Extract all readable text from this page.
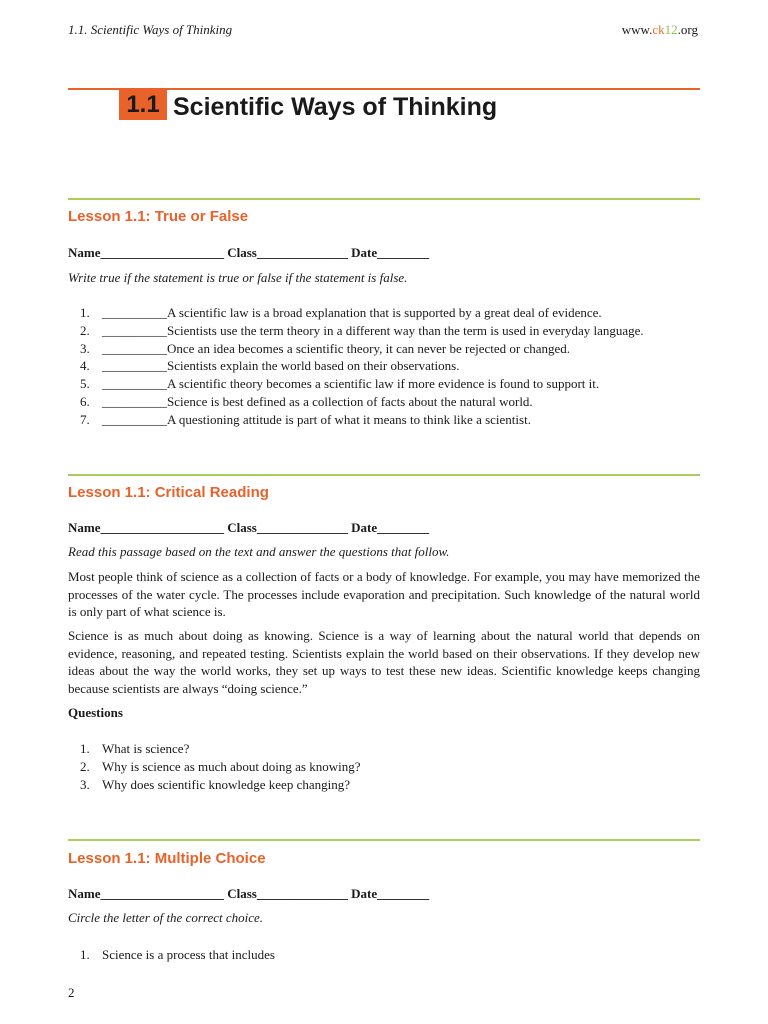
1.1. Scientific Ways of Thinking	www.ck12.org
1.1 Scientific Ways of Thinking
Lesson 1.1: True or False
Name___________________ Class______________ Date________
Write true if the statement is true or false if the statement is false.
1. __________A scientific law is a broad explanation that is supported by a great deal of evidence.
2. __________Scientists use the term theory in a different way than the term is used in everyday language.
3. __________Once an idea becomes a scientific theory, it can never be rejected or changed.
4. __________Scientists explain the world based on their observations.
5. __________A scientific theory becomes a scientific law if more evidence is found to support it.
6. __________Science is best defined as a collection of facts about the natural world.
7. __________A questioning attitude is part of what it means to think like a scientist.
Lesson 1.1: Critical Reading
Name___________________ Class______________ Date________
Read this passage based on the text and answer the questions that follow.

Most people think of science as a collection of facts or a body of knowledge. For example, you may have memorized the processes of the water cycle. The processes include evaporation and precipitation. Such knowledge of the natural world is only part of what science is.

Science is as much about doing as knowing. Science is a way of learning about the natural world that depends on evidence, reasoning, and repeated testing. Scientists explain the world based on their observations. If they develop new ideas about the way the world works, they set up ways to test these new ideas. Scientific knowledge keeps changing because scientists are always “doing science.”

Questions
1. What is science?
2. Why is science as much about doing as knowing?
3. Why does scientific knowledge keep changing?
Lesson 1.1: Multiple Choice
Name___________________ Class______________ Date________
Circle the letter of the correct choice.
1. Science is a process that includes
2
